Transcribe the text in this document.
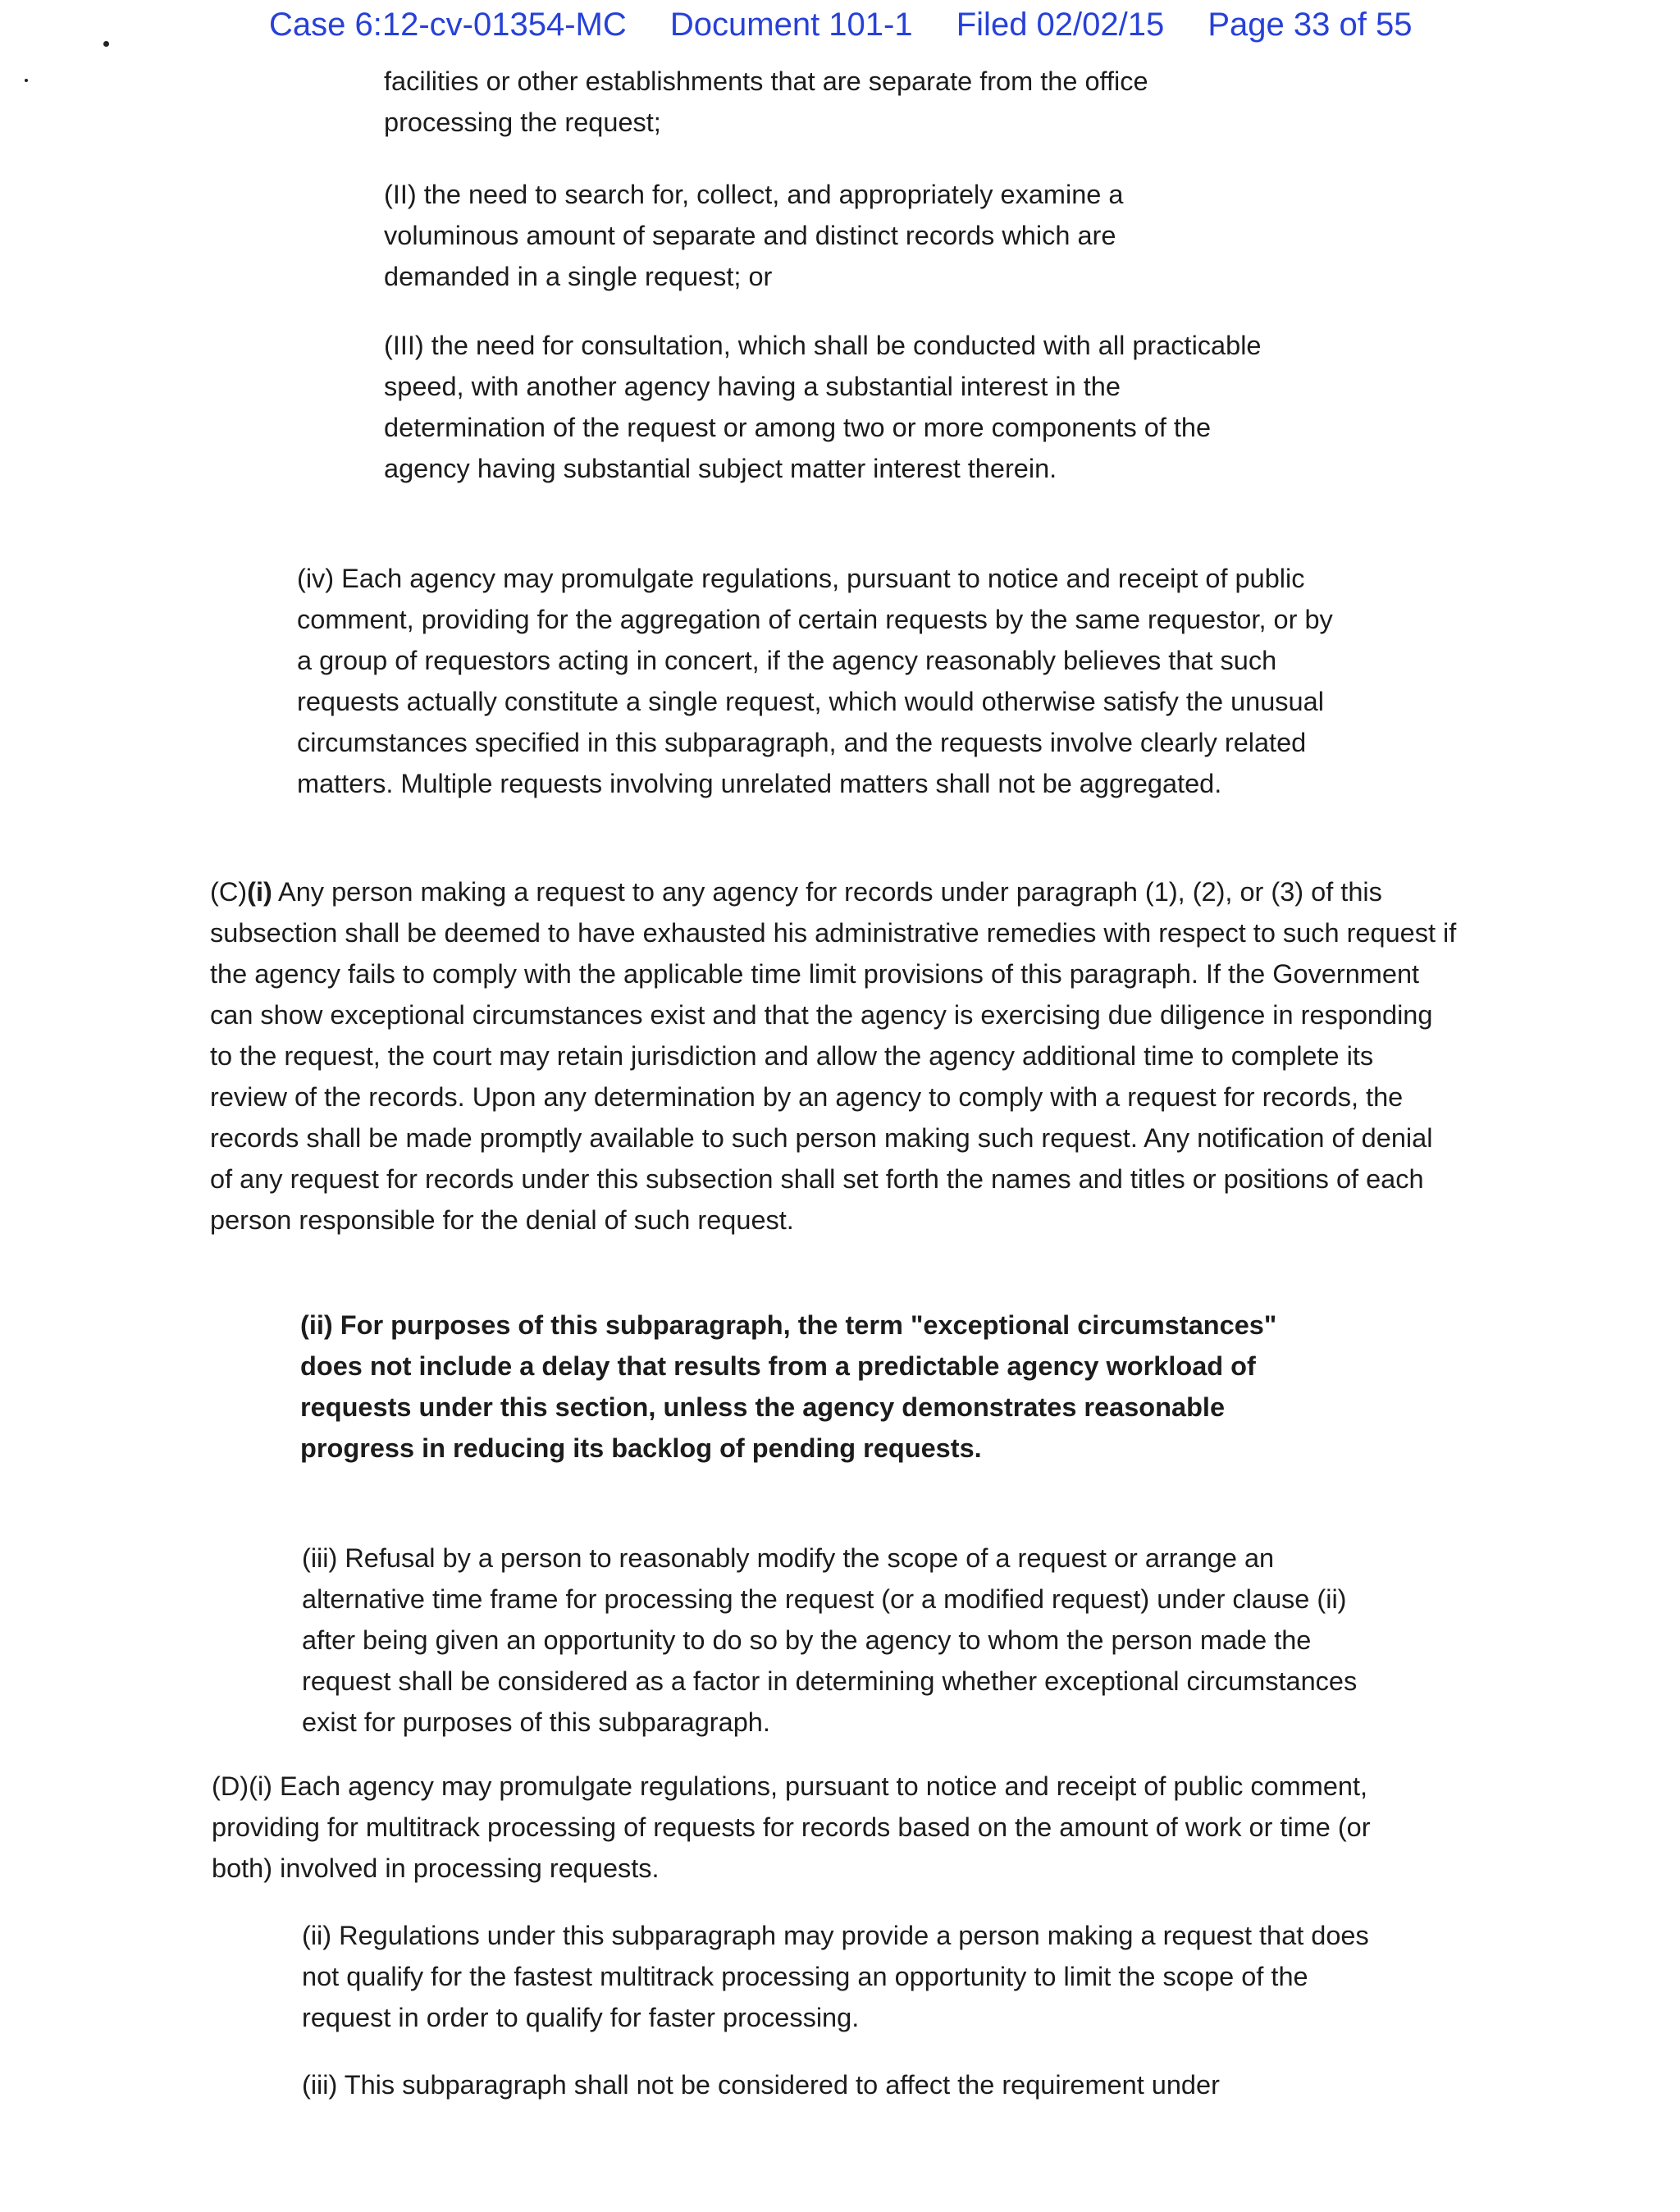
Case 6:12-cv-01354-MC Document 101-1 Filed 02/02/15 Page 33 of 55

facilities or other establishments that are separate from the office processing the request;

(II) the need to search for, collect, and appropriately examine a voluminous amount of separate and distinct records which are demanded in a single request; or

(III) the need for consultation, which shall be conducted with all practicable speed, with another agency having a substantial interest in the determination of the request or among two or more components of the agency having substantial subject matter interest therein.

(iv) Each agency may promulgate regulations, pursuant to notice and receipt of public comment, providing for the aggregation of certain requests by the same requestor, or by a group of requestors acting in concert, if the agency reasonably believes that such requests actually constitute a single request, which would otherwise satisfy the unusual circumstances specified in this subparagraph, and the requests involve clearly related matters. Multiple requests involving unrelated matters shall not be aggregated.

(C)(i) Any person making a request to any agency for records under paragraph (1), (2), or (3) of this subsection shall be deemed to have exhausted his administrative remedies with respect to such request if the agency fails to comply with the applicable time limit provisions of this paragraph. If the Government can show exceptional circumstances exist and that the agency is exercising due diligence in responding to the request, the court may retain jurisdiction and allow the agency additional time to complete its review of the records. Upon any determination by an agency to comply with a request for records, the records shall be made promptly available to such person making such request. Any notification of denial of any request for records under this subsection shall set forth the names and titles or positions of each person responsible for the denial of such request.

(ii) For purposes of this subparagraph, the term "exceptional circumstances" does not include a delay that results from a predictable agency workload of requests under this section, unless the agency demonstrates reasonable progress in reducing its backlog of pending requests.

(iii) Refusal by a person to reasonably modify the scope of a request or arrange an alternative time frame for processing the request (or a modified request) under clause (ii) after being given an opportunity to do so by the agency to whom the person made the request shall be considered as a factor in determining whether exceptional circumstances exist for purposes of this subparagraph.

(D)(i) Each agency may promulgate regulations, pursuant to notice and receipt of public comment, providing for multitrack processing of requests for records based on the amount of work or time (or both) involved in processing requests.

(ii) Regulations under this subparagraph may provide a person making a request that does not qualify for the fastest multitrack processing an opportunity to limit the scope of the request in order to qualify for faster processing.

(iii) This subparagraph shall not be considered to affect the requirement under
